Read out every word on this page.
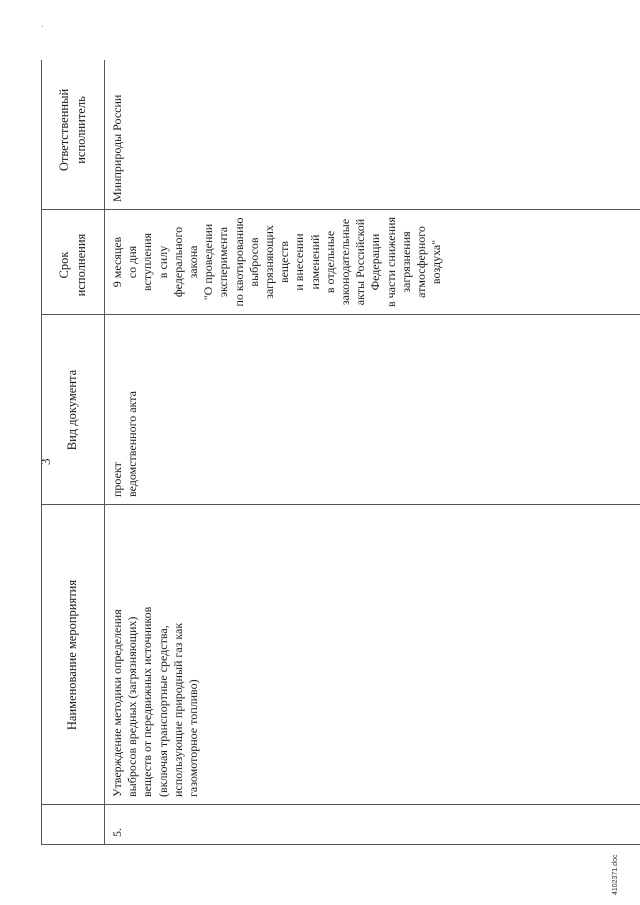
3
·
Наименование мероприятия
Вид документа
Срок исполнения
Ответственный исполнитель
5.
Утверждение методики определения выбросов вредных (загрязняющих) веществ от передвижных источников (включая транспортные средства, использующие природный газ как газомоторное топливо)
проект ведомственного акта
9 месяцев со дня вступления в силу федерального закона "О проведении эксперимента по квотированию выбросов загрязняющих веществ и внесении изменений в отдельные законодательные акты Российской Федерации в части снижения загрязнения атмосферного воздуха"
Минприроды России
4102371.doc
